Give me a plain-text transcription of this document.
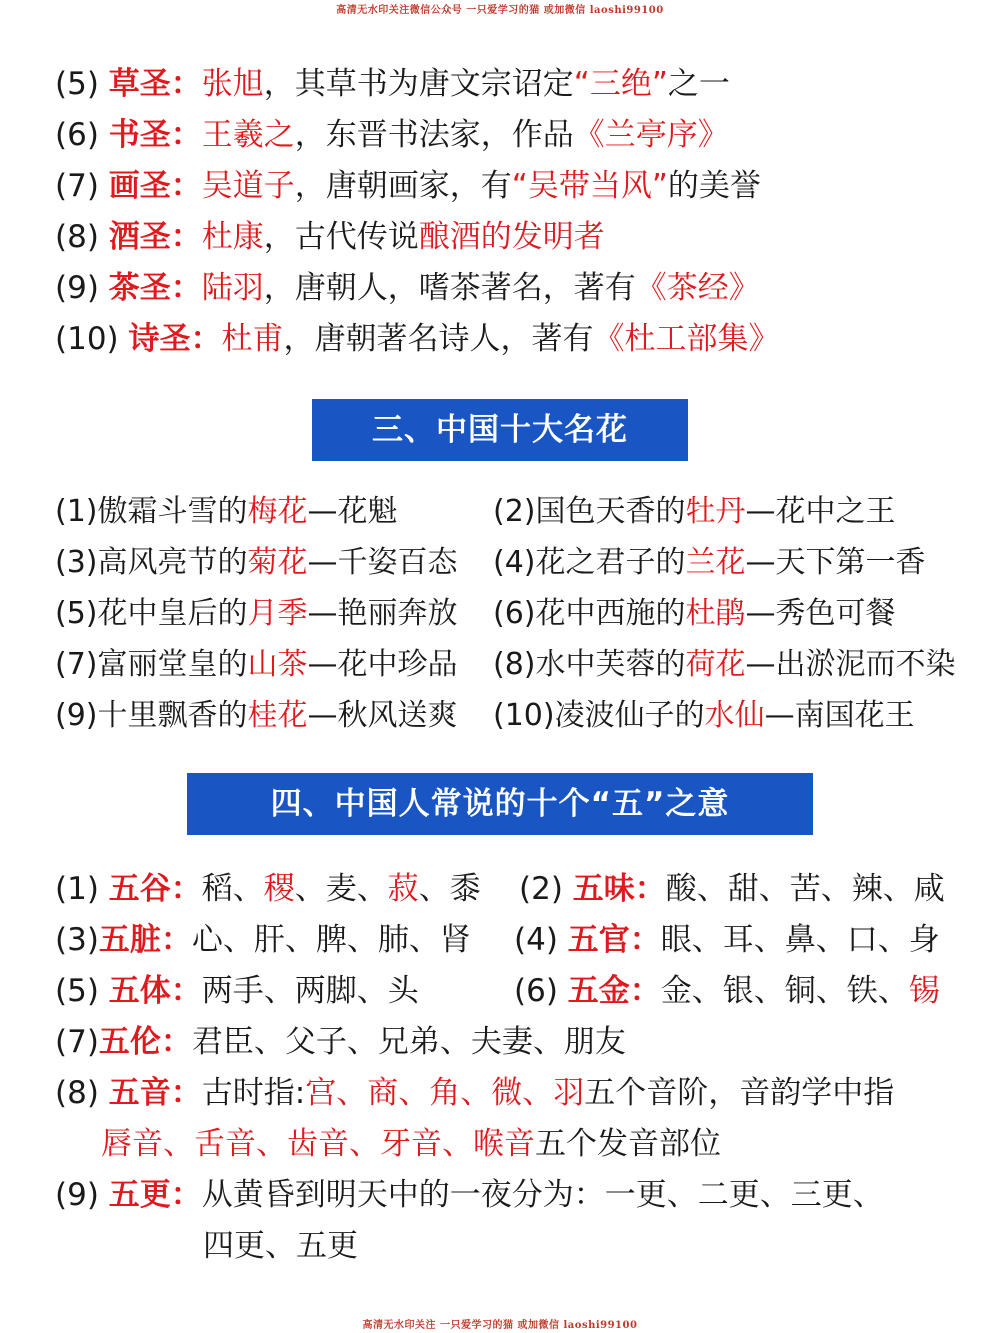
高清无水印关注微信公众号 一只爱学习的猫 或加微信 laoshi99100
(5) 草圣：张旭，其草书为唐文宗诏定“三绝”之一
(6) 书圣：王羲之，东晋书法家，作品《兰亭序》
(7) 画圣：吴道子，唐朝画家，有“吴带当风”的美誉
(8) 酒圣：杜康，古代传说酿酒的发明者
(9) 茶圣：陆羽，唐朝人，嗜茶著名，著有《茶经》
(10) 诗圣：杜甫，唐朝著名诗人，著有《杜工部集》
三、中国十大名花
(1)傲霜斗雪的梅花—花魁	(2)国色天香的牡丹—花中之王
(3)高风亮节的菊花—千姿百态 (4)花之君子的兰花—天下第一香
(5)花中皇后的月季—艳丽奔放 (6)花中西施的杜鹃—秀色可餐
(7)富丽堂皇的山茶—花中珍品 (8)水中芙蓉的荷花—出淤泥而不染
(9)十里飘香的桂花—秋风送爽 (10)凌波仙子的水仙—南国花王
四、中国人常说的十个“五”之意
(1) 五谷：稻、稷、麦、菽、黍 (2) 五味：酸、甜、苦、辣、咸
(3)五脏：心、肝、脾、肺、肾 (4) 五官：眼、耳、鼻、口、身
(5) 五体：两手、两脚、头	(6) 五金：金、银、铜、铁、锡
(7)五伦：君臣、父子、兄弟、夫妻、朋友
(8) 五音：古时指:宫、商、角、微、羽五个音阶，音韵学中指
唇音、舌音、齿音、牙音、喉音五个发音部位
(9) 五更：从黄昏到明天中的一夜分为：一更、二更、三更、
四更、五更
高清无水印关注 一只爱学习的猫 或加微信 laoshi99100
